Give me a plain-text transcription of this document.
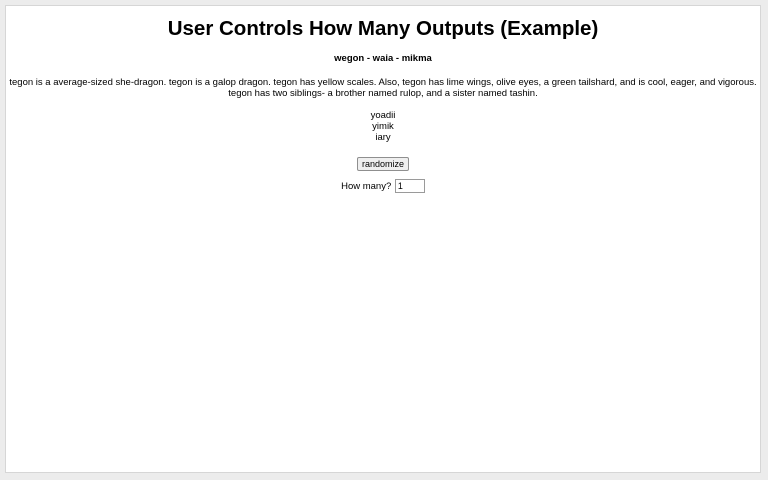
User Controls How Many Outputs (Example)
wegon - waia - mikma
tegon is a average-sized she-dragon. tegon is a galop dragon. tegon has yellow scales. Also, tegon has lime wings, olive eyes, a green tailshard, and is cool, eager, and vigorous.
tegon has two siblings- a brother named rulop, and a sister named tashin.
yoadii
yimik
iary
randomize
How many? 1
